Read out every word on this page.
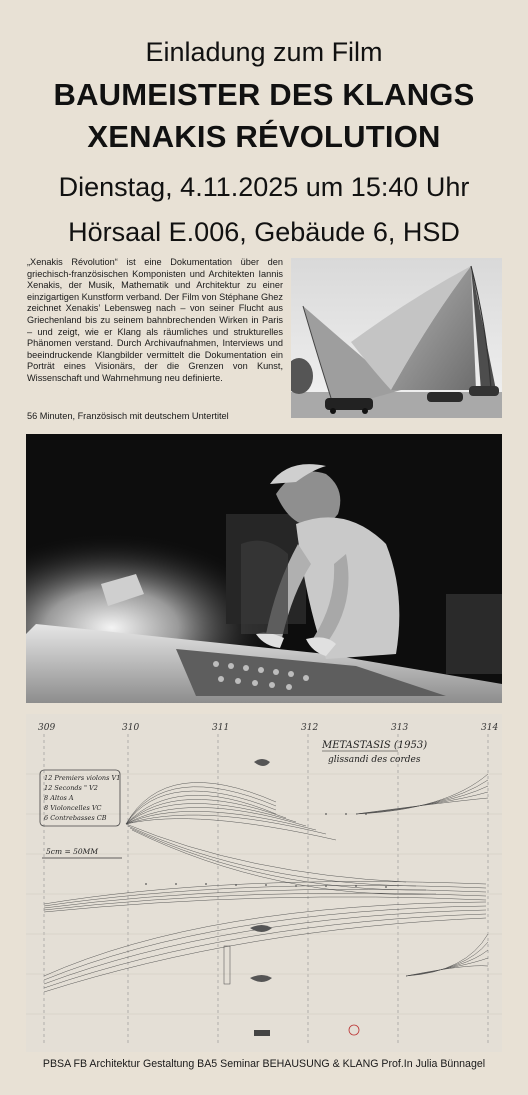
Einladung zum Film
BAUMEISTER DES KLANGS
XENAKIS RÉVOLUTION
Dienstag, 4.11.2025 um 15:40 Uhr
Hörsaal E.006, Gebäude 6, HSD
„Xenakis Révolution“ ist eine Dokumentation über den griechisch-französischen Komponisten und Architekten Iannis Xenakis, der Musik, Mathematik und Architektur zu einer einzigartigen Kunstform verband. Der Film von Stéphane Ghez zeichnet Xenakis’ Lebensweg nach – von seiner Flucht aus Griechenland bis zu seinem bahnbrechenden Wirken in Paris – und zeigt, wie er Klang als räumliches und strukturelles Phänomen verstand. Durch Archivaufnahmen, Interviews und beeindruckende Klangbilder vermittelt die Dokumentation ein Porträt eines Visionärs, der die Grenzen von Kunst, Wissenschaft und Wahrnehmung neu definierte.
56 Minuten, Französisch mit deutschem Untertitel
309	310	311	312	313	314
METASTASIS (1953)
glissandi des cordes
12 Premiers violons V1
12 Seconds " V2
8 Altos A
8 Violoncelles VC
6 Contrebasses CB
5cm = 50MM
PBSA FB Architektur Gestaltung BA5 Seminar BEHAUSUNG & KLANG Prof.In Julia Bünnagel
